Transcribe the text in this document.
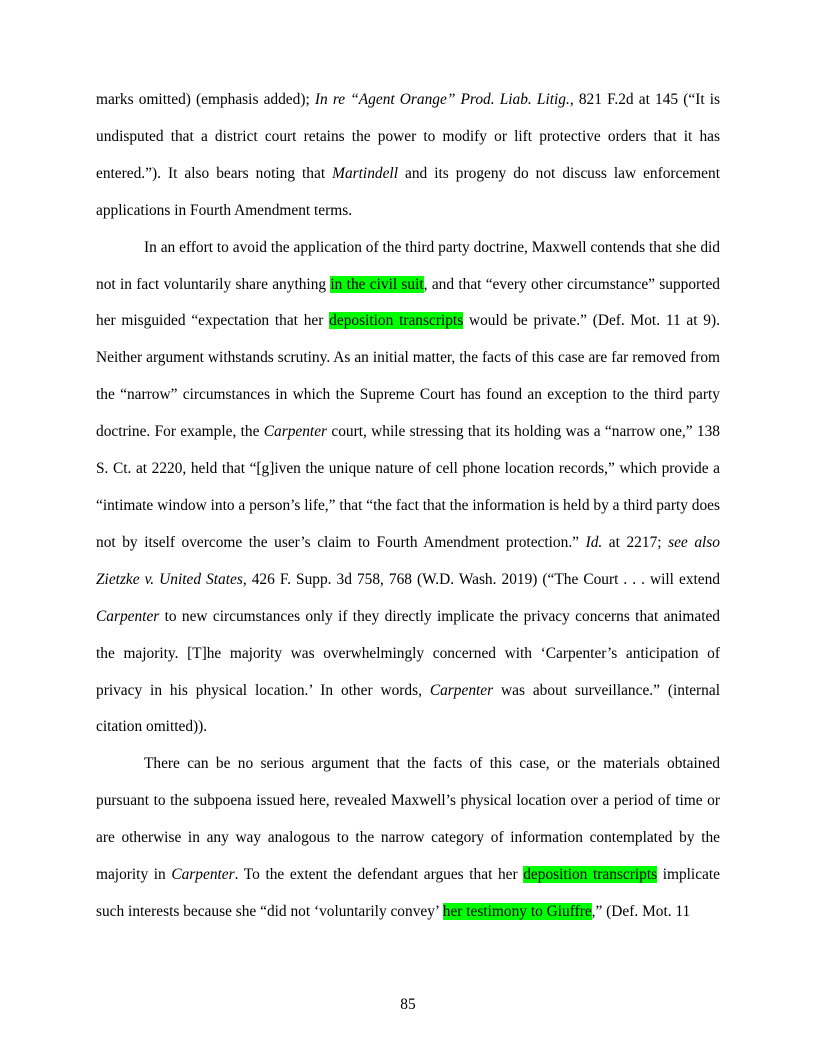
marks omitted) (emphasis added); In re “Agent Orange” Prod. Liab. Litig., 821 F.2d at 145 (“It is undisputed that a district court retains the power to modify or lift protective orders that it has entered.”). It also bears noting that Martindell and its progeny do not discuss law enforcement applications in Fourth Amendment terms.

In an effort to avoid the application of the third party doctrine, Maxwell contends that she did not in fact voluntarily share anything in the civil suit, and that “every other circumstance” supported her misguided “expectation that her deposition transcripts would be private.” (Def. Mot. 11 at 9). Neither argument withstands scrutiny. As an initial matter, the facts of this case are far removed from the “narrow” circumstances in which the Supreme Court has found an exception to the third party doctrine. For example, the Carpenter court, while stressing that its holding was a “narrow one,” 138 S. Ct. at 2220, held that “[g]iven the unique nature of cell phone location records,” which provide a “intimate window into a person’s life,” that “the fact that the information is held by a third party does not by itself overcome the user’s claim to Fourth Amendment protection.” Id. at 2217; see also Zietzke v. United States, 426 F. Supp. 3d 758, 768 (W.D. Wash. 2019) (“The Court . . . will extend Carpenter to new circumstances only if they directly implicate the privacy concerns that animated the majority. [T]he majority was overwhelmingly concerned with ‘Carpenter’s anticipation of privacy in his physical location.’ In other words, Carpenter was about surveillance.” (internal citation omitted)).

There can be no serious argument that the facts of this case, or the materials obtained pursuant to the subpoena issued here, revealed Maxwell’s physical location over a period of time or are otherwise in any way analogous to the narrow category of information contemplated by the majority in Carpenter. To the extent the defendant argues that her deposition transcripts implicate such interests because she “did not ‘voluntarily convey’ her testimony to Giuffre,” (Def. Mot. 11

85
